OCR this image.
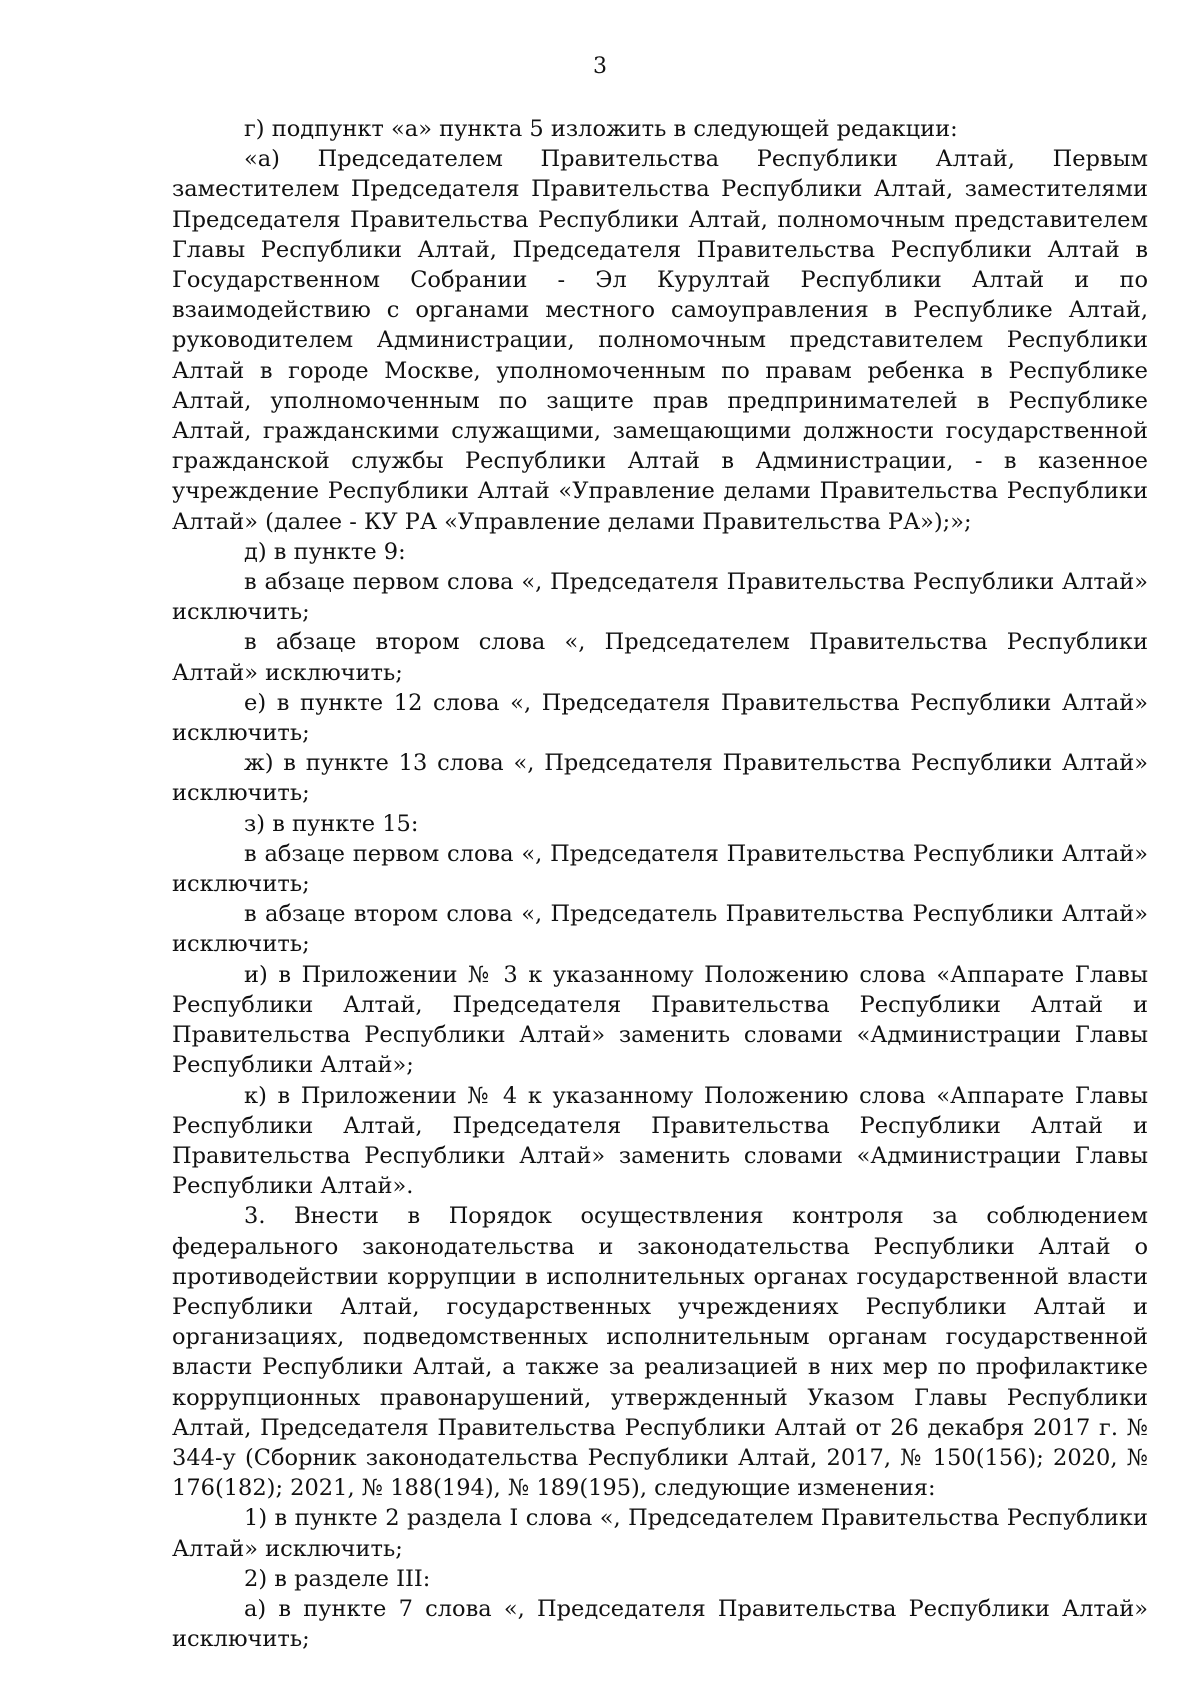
3

г) подпункт «а» пункта 5 изложить в следующей редакции:

«а) Председателем Правительства Республики Алтай, Первым заместителем Председателя Правительства Республики Алтай, заместителями Председателя Правительства Республики Алтай, полномочным представителем Главы Республики Алтай, Председателя Правительства Республики Алтай в Государственном Собрании - Эл Курултай Республики Алтай и по взаимодействию с органами местного самоуправления в Республике Алтай, руководителем Администрации, полномочным представителем Республики Алтай в городе Москве, уполномоченным по правам ребенка в Республике Алтай, уполномоченным по защите прав предпринимателей в Республике Алтай, гражданскими служащими, замещающими должности государственной гражданской службы Республики Алтай в Администрации, - в казенное учреждение Республики Алтай «Управление делами Правительства Республики Алтай» (далее - КУ РА «Управление делами Правительства РА»);»;

д) в пункте 9:

в абзаце первом слова «, Председателя Правительства Республики Алтай» исключить;

в абзаце втором слова «, Председателем Правительства Республики Алтай» исключить;

е) в пункте 12 слова «, Председателя Правительства Республики Алтай» исключить;

ж) в пункте 13 слова «, Председателя Правительства Республики Алтай» исключить;

з) в пункте 15:

в абзаце первом слова «, Председателя Правительства Республики Алтай» исключить;

в абзаце втором слова «, Председатель Правительства Республики Алтай» исключить;

и) в Приложении № 3 к указанному Положению слова «Аппарате Главы Республики Алтай, Председателя Правительства Республики Алтай и Правительства Республики Алтай» заменить словами «Администрации Главы Республики Алтай»;

к) в Приложении № 4 к указанному Положению слова «Аппарате Главы Республики Алтай, Председателя Правительства Республики Алтай и Правительства Республики Алтай» заменить словами «Администрации Главы Республики Алтай».

3. Внести в Порядок осуществления контроля за соблюдением федерального законодательства и законодательства Республики Алтай о противодействии коррупции в исполнительных органах государственной власти Республики Алтай, государственных учреждениях Республики Алтай и организациях, подведомственных исполнительным органам государственной власти Республики Алтай, а также за реализацией в них мер по профилактике коррупционных правонарушений, утвержденный Указом Главы Республики Алтай, Председателя Правительства Республики Алтай от 26 декабря 2017 г. № 344-у (Сборник законодательства Республики Алтай, 2017, № 150(156); 2020, № 176(182); 2021, № 188(194), № 189(195), следующие изменения:

1) в пункте 2 раздела I слова «, Председателем Правительства Республики Алтай» исключить;

2) в разделе III:

а) в пункте 7 слова «, Председателя Правительства Республики Алтай» исключить;
